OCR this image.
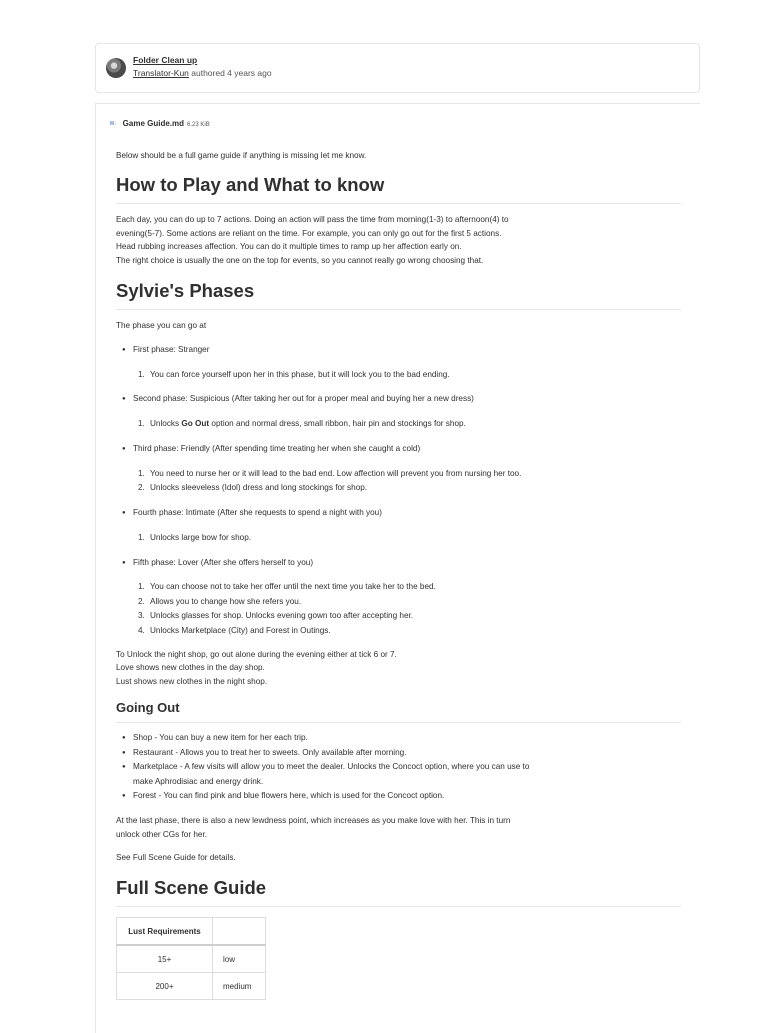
Folder Clean up
Translator-Kun authored 4 years ago
M↓ Game Guide.md 6.23 KiB

Below should be a full game guide if anything is missing let me know.

How to Play and What to know

Each day, you can do up to 7 actions. Doing an action will pass the time from morning(1-3) to afternoon(4) to

evening(5-7). Some actions are reliant on the time. For example, you can only go out for the first 5 actions.

Head rubbing increases affection. You can do it multiple times to ramp up her affection early on.

The right choice is usually the one on the top for events, so you cannot really go wrong choosing that.

Sylvie's Phases

The phase you can go at

● First phase: Stranger
1. You can force yourself upon her in this phase, but it will lock you to the bad ending.
● Second phase: Suspicious (After taking her out for a proper meal and buying her a new dress)
1. Unlocks Go Out option and normal dress, small ribbon, hair pin and stockings for shop.
● Third phase: Friendly (After spending time treating her when she caught a cold)
1. You need to nurse her or it will lead to the bad end. Low affection will prevent you from nursing her too.
2. Unlocks sleeveless (Idol) dress and long stockings for shop.
● Fourth phase: Intimate (After she requests to spend a night with you)
1. Unlocks large bow for shop.
● Fifth phase: Lover (After she offers herself to you)
1. You can choose not to take her offer until the next time you take her to the bed.
2. Allows you to change how she refers you.
3. Unlocks glasses for shop. Unlocks evening gown too after accepting her.
4. Unlocks Marketplace (City) and Forest in Outings.

To Unlock the night shop, go out alone during the evening either at tick 6 or 7.

Love shows new clothes in the day shop.

Lust shows new clothes in the night shop.

Going Out
● Shop - You can buy a new item for her each trip.
● Restaurant - Allows you to treat her to sweets. Only available after morning.
● Marketplace - A few visits will allow you to meet the dealer. Unlocks the Concoct option, where you can use to
make Aphrodisiac and energy drink.
● Forest - You can find pink and blue flowers here, which is used for the Concoct option.

At the last phase, there is also a new lewdness point, which increases as you make love with her. This in turn

unlock other CGs for her.

See Full Scene Guide for details.

Full Scene Guide
Lust Requirements	
15+	low
200+	medium
